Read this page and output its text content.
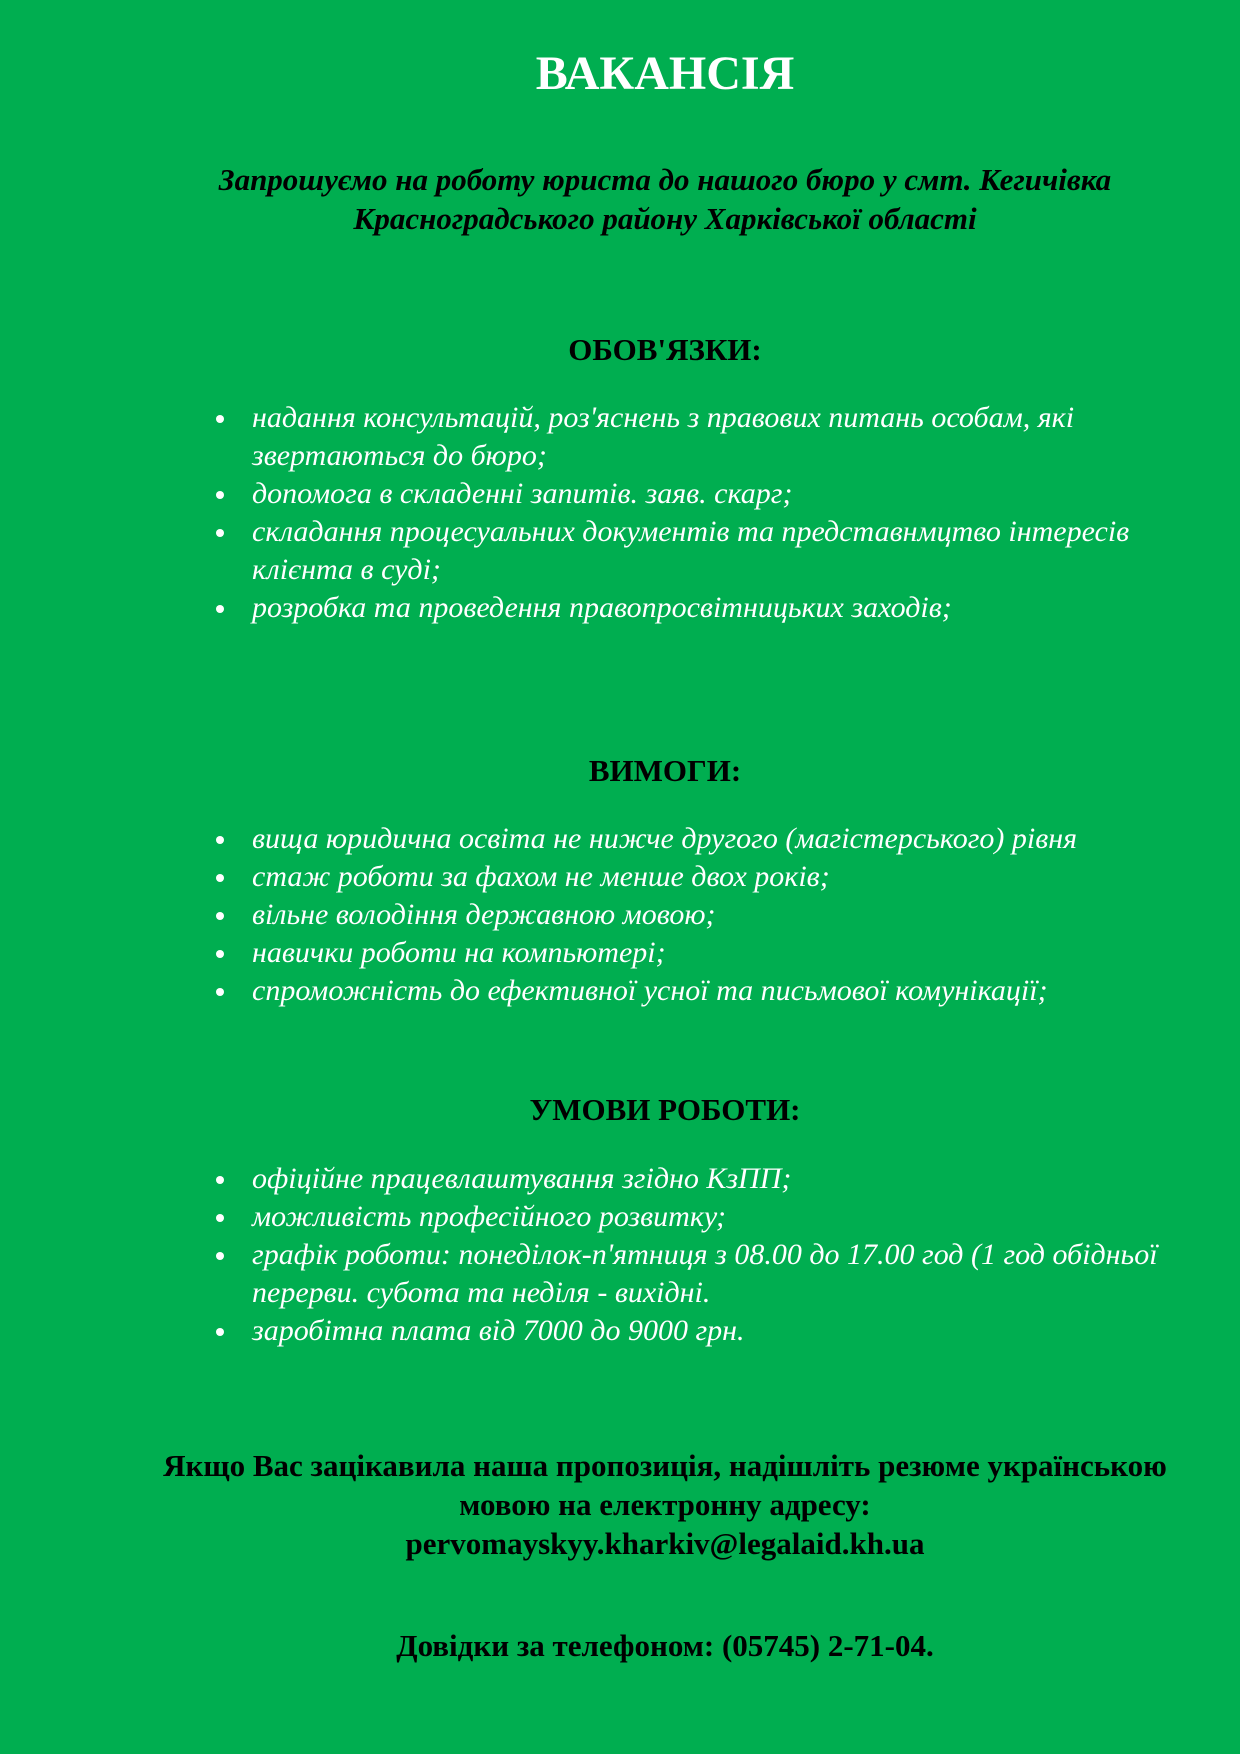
ВАКАНСІЯ

Запрошуємо на роботу юриста до нашого бюро у смт. Кегичівка
Красноградського району Харківської області

ОБОВ'ЯЗКИ:
надання консультацій, роз'яснень з правових питань особам, які звертаються до бюро;
допомога в складенні запитів. заяв. скарг;
складання процесуальних документів та представнмцтво інтересів клієнта в суді;
розробка та проведення правопросвітницьких заходів;
ВИМОГИ:
вища юридична освіта не нижче другого (магістерського) рівня
стаж роботи за фахом не менше двох років;
вільне володіння державною мовою;
навички роботи на компьютері;
спроможність до ефективної усної та письмової комунікації;
УМОВИ РОБОТИ:
офіційне працевлаштування згідно КзПП;
можливість професійного розвитку;
графік роботи: понеділок-п'ятниця з 08.00 до 17.00 год (1 год обідньої перерви. субота та неділя - вихідні.
заробітна плата від 7000 до 9000 грн.

Якщо Вас зацікавила наша пропозиція, надішліть резюме українською мовою на електронну адресу:
pervomayskyy.kharkiv@legalaid.kh.ua

Довідки за телефоном: (05745) 2-71-04.
